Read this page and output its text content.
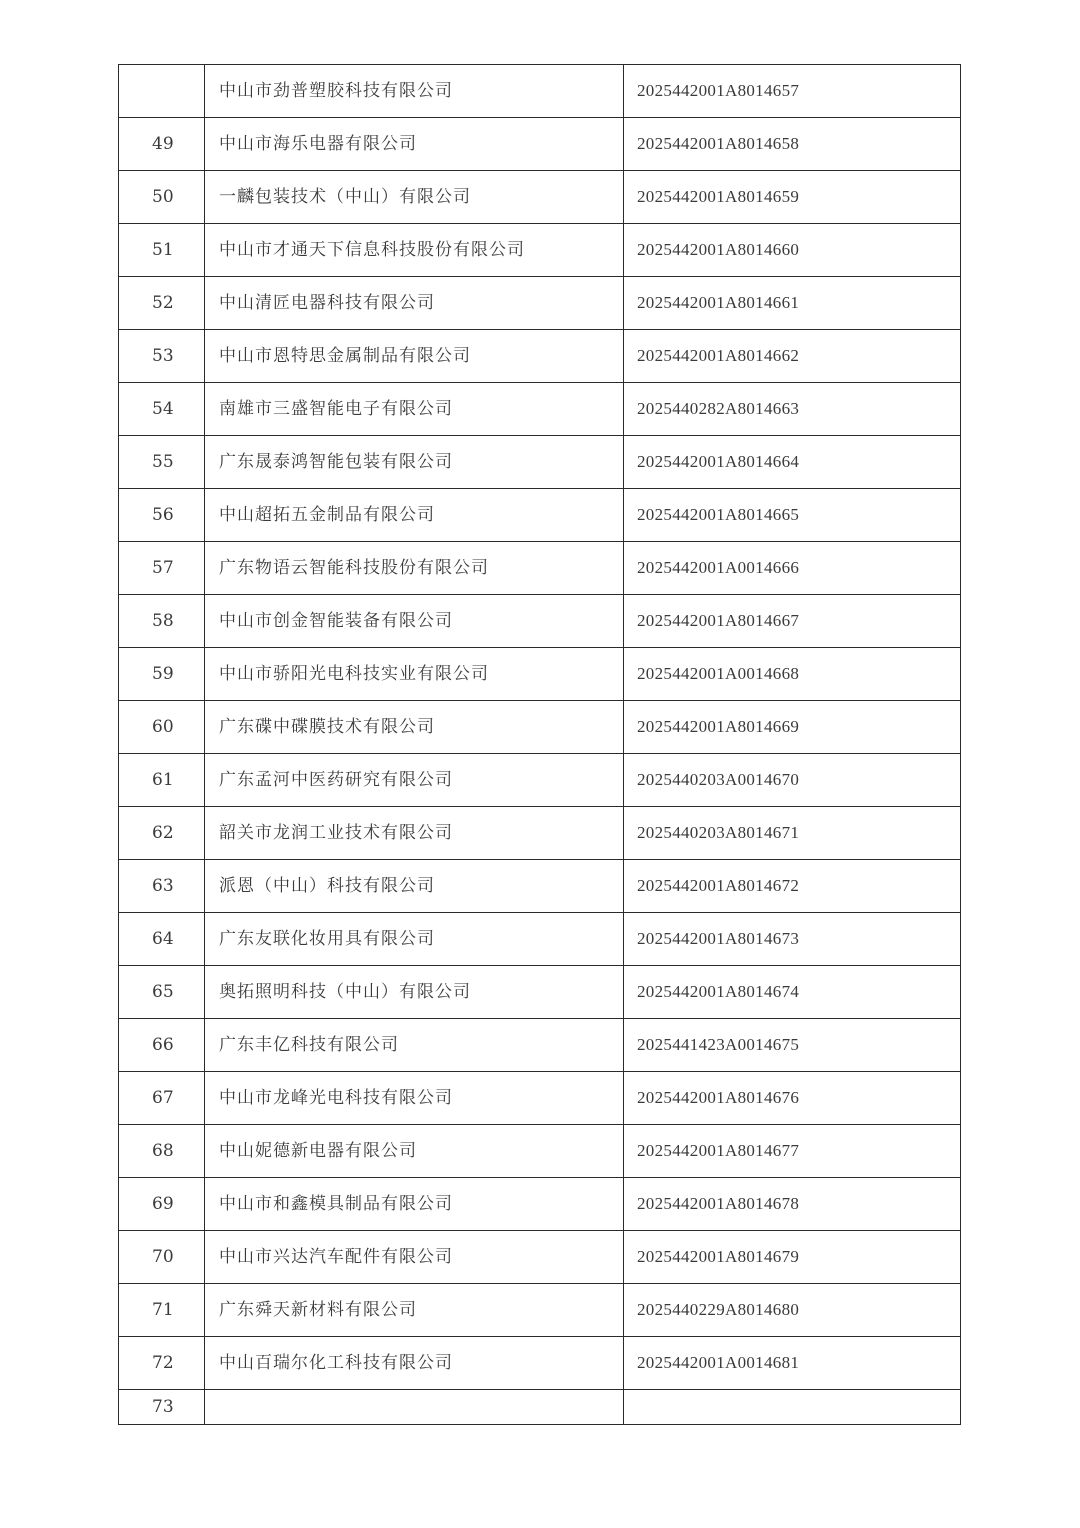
	中山市劲普塑胶科技有限公司	2025442001A8014657
49	中山市海乐电器有限公司	2025442001A8014658
50	一麟包装技术（中山）有限公司	2025442001A8014659
51	中山市才通天下信息科技股份有限公司	2025442001A8014660
52	中山清匠电器科技有限公司	2025442001A8014661
53	中山市恩特思金属制品有限公司	2025442001A8014662
54	南雄市三盛智能电子有限公司	2025440282A8014663
55	广东晟泰鸿智能包装有限公司	2025442001A8014664
56	中山超拓五金制品有限公司	2025442001A8014665
57	广东物语云智能科技股份有限公司	2025442001A0014666
58	中山市创金智能装备有限公司	2025442001A8014667
59	中山市骄阳光电科技实业有限公司	2025442001A0014668
60	广东碟中碟膜技术有限公司	2025442001A8014669
61	广东孟河中医药研究有限公司	2025440203A0014670
62	韶关市龙润工业技术有限公司	2025440203A8014671
63	派恩（中山）科技有限公司	2025442001A8014672
64	广东友联化妆用具有限公司	2025442001A8014673
65	奥拓照明科技（中山）有限公司	2025442001A8014674
66	广东丰亿科技有限公司	2025441423A0014675
67	中山市龙峰光电科技有限公司	2025442001A8014676
68	中山妮德新电器有限公司	2025442001A8014677
69	中山市和鑫模具制品有限公司	2025442001A8014678
70	中山市兴达汽车配件有限公司	2025442001A8014679
71	广东舜天新材料有限公司	2025440229A8014680
72	中山百瑞尔化工科技有限公司	2025442001A0014681
73		
